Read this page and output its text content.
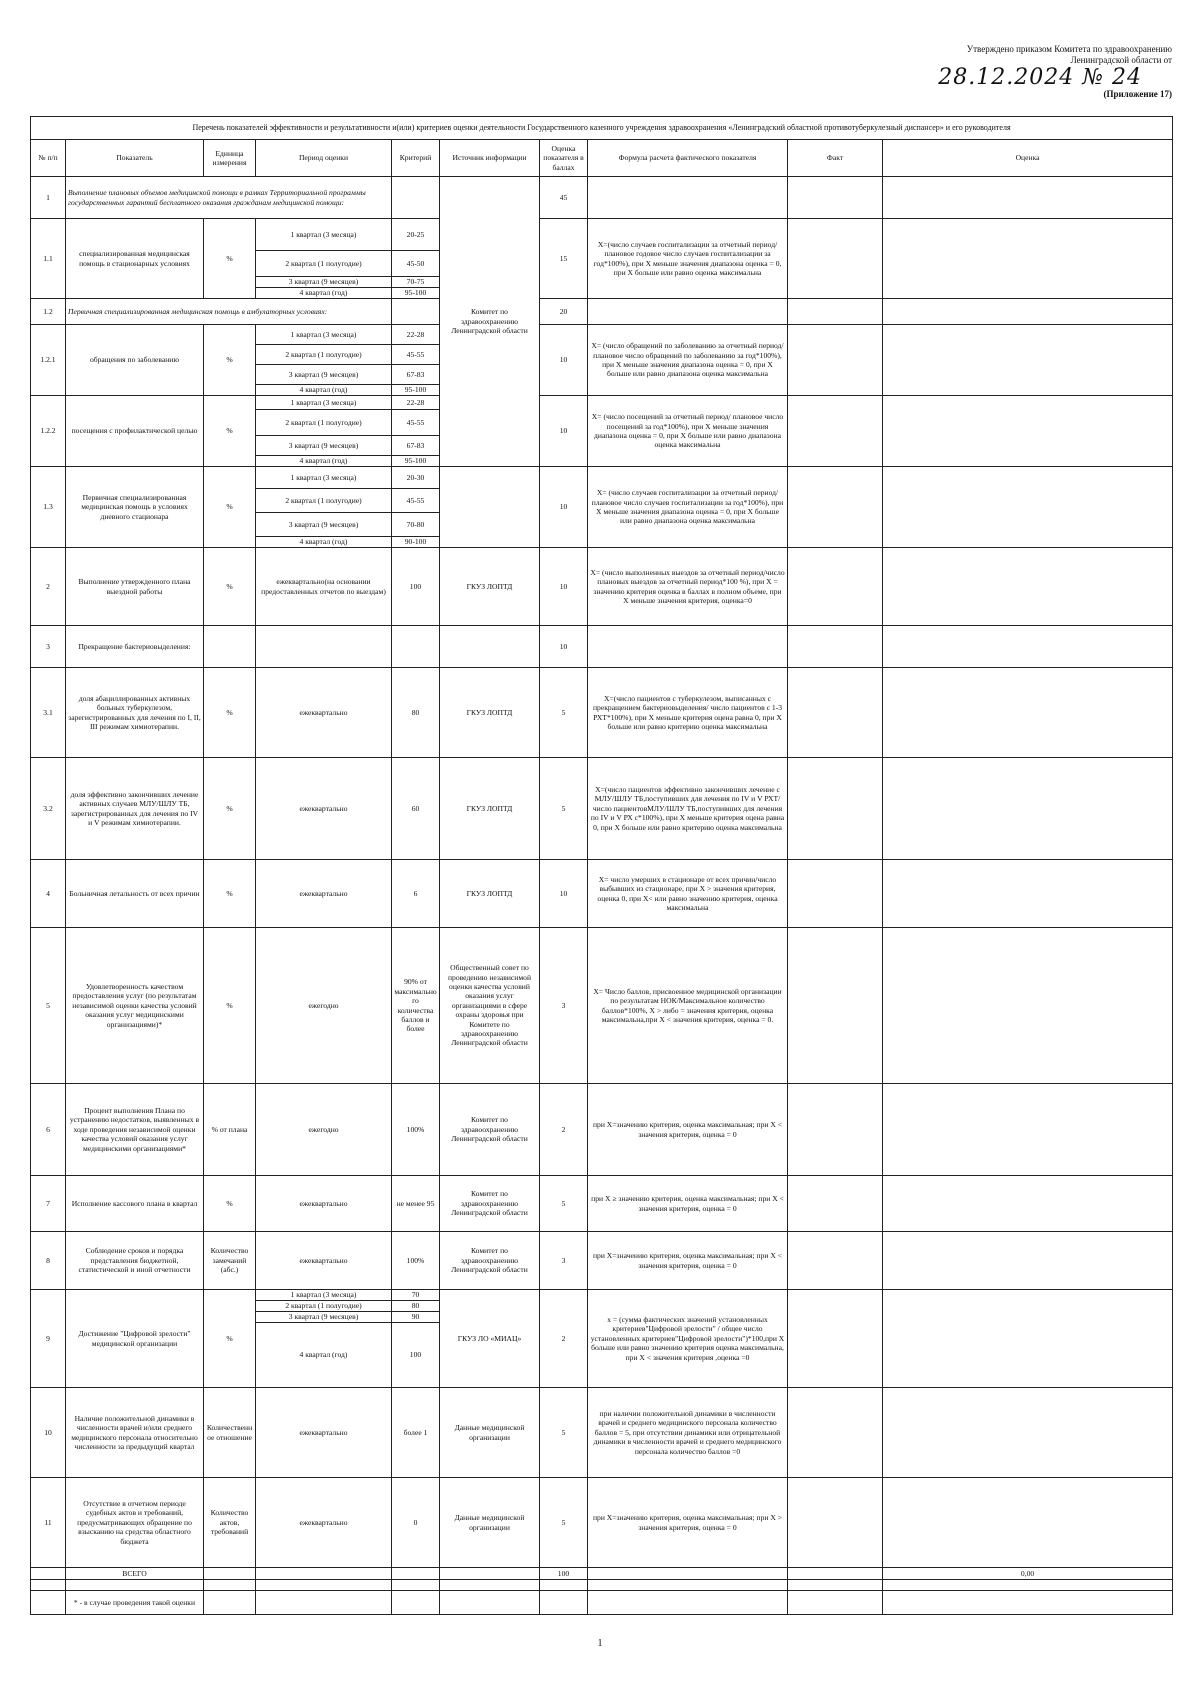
Утверждено приказом Комитета по здравоохранению
Ленинградской области от
28.12.2024 № 24
(Приложение 17)
Перечень показателей эффективности и результативности и(или) критериев оценки деятельности Государственного казенного учреждения здравоохранения «Ленинградский областной противотуберкулезный диспансер» и его руководителя									
№ п/п	Показатель	Единица измерения	Период оценки	Критерий	Источник информации	Оценка показателя в баллах	Формула расчета фактического показателя	Факт	Оценка
1	Выполнение плановых объемов медицинской помощи в рамках Территориальной программы государственных гарантий бесплатного оказания гражданам медицинской помощи:				Комитет по здравоохранению Ленинградской области	45			
1.1	специализированная медицинская помощь в стационарных условиях	%	1 квартал (3 месяца)	20-25		15	X=(число случаев госпитализации за отчетный период/ плановое годовое число случаев госпитализации за год*100%), при X меньше значения диапазона оценка = 0, при X больше или равно оценка максимальна		
			2 квартал (1 полугодие)	45-50					
			3 квартал (9 месяцев)	70-75					
			4 квартал (год)	95-100					
1.2	Первичная специализированная медицинская помощь в амбулаторных условиях:					20			
1.2.1	обращения по заболеванию	%	1 квартал (3 месяца)	22-28		10	X= (число обращений по заболеванию за отчетный период/ плановое число обращений по заболеванию за год*100%), при X меньше значения диапазона оценка = 0, при X больше или равно диапазона оценка максимальна		
			2 квартал (1 полугодие)	45-55					
			3 квартал (9 месяцев)	67-83					
			4 квартал (год)	95-100					
1.2.2	посещения с профилактической целью	%	1 квартал (3 месяца)	22-28		10	X= (число посещений за отчетный период/ плановое число посещений за год*100%), при X меньше значения диапазона оценка = 0, при X больше или равно диапазона оценка максимальна		
			2 квартал (1 полугодие)	45-55					
			3 квартал (9 месяцев)	67-83					
			4 квартал (год)	95-100					
1.3	Первичная специализированная медицинская помощь в условиях дневного стационара	%	1 квартал (3 месяца)	20-30		10	X= (число случаев госпитализации за отчетный период/ плановое число случаев госпитализации за год*100%), при X меньше значения диапазона оценка = 0, при X больше или равно диапазона оценка максимальна		
			2 квартал (1 полугодие)	45-55					
			3 квартал (9 месяцев)	70-80					
			4 квартал (год)	90-100					
2	Выполнение утвержденного плана выездной работы	%	ежеквартально(на основании предоставленных отчетов по выездам)	100	ГКУЗ ЛОПТД	10	X= (число выполненных выездов за отчетный период/число плановых выездов за отчетный период*100 %), при X = значению критерия оценка в баллах в полном объеме, при X меньше значения критерия, оценка=0		
3	Прекращение бактериовыделения:					10			
3.1	доля абациллированных активных больных туберкулезом, зарегистрированных для лечения по I, II, III режимам химиотерапии.	%	ежеквартально	80	ГКУЗ ЛОПТД	5	X=(число пациентов с туберкулезом, выписанных с прекращением бактериовыделения/ число пациентов с 1-3 РХТ*100%), при X меньше критерия оцена равна 0, при X больше или равно критерию оценка максимальна		
3.2	доля эффективно закончивших лечение активных случаев МЛУ/ШЛУ ТБ, зарегистрированных для лечения по IV и V режимам химиотерапии.	%	ежеквартально	60	ГКУЗ ЛОПТД	5	X=(число пациентов эффективно закончивших лечение с МЛУ/ШЛУ ТБ,поступивших для лечения по IV и V РХТ/ число пациентовМЛУ/ШЛУ ТБ,поступивших для лечения по IV и V РХ с*100%), при X меньше критерия оцена равна 0, при X больше или равно критерию оценка максимальна		
4	Больничная летальность от всех причин	%	ежеквартально	6	ГКУЗ ЛОПТД	10	X= число умерших в стационаре от всех причин/число выбывших из стационаре, при X > значения критерия, оценка 0, при X< или равно значению критерия, оценка максимальна		
5	Удовлетворенность качеством предоставления услуг (по результатам независимой оценки качества условий оказания услуг медицинскими организациями)*	%	ежегодно	90% от максимального количества баллов и более	Общественный совет по проведению независимой оценки качества условий оказания услуг организациями в сфере охраны здоровья при Комитете по здравоохранению Ленинградской области	3	X= Число баллов, присвоенное медицинской организации по результатам НОК/Максимальное количество баллов*100%, X > либо = значения критерия, оценка максимальна,при X < значения критерия, оценка = 0.		
6	Процент выполнения Плана по устранению недостатков, выявленных в ходе проведения независимой оценки качества условий оказания услуг медицинскими организациями*	% от плана	ежегодно	100%	Комитет по здравоохранению Ленинградской области	2	при X=значению критерия, оценка максимальная; при X < значения критерия, оценка = 0		
7	Исполнение кассового плана в квартал	%	ежеквартально	не менее 95	Комитет по здравоохранению Ленинградской области	5	при X ≥ значению критерия, оценка максимальная; при X < значения критерия, оценка = 0		
8	Соблюдение сроков и порядка представления бюджетной, статистической и иной отчетности	Количество замечаний (абс.)	ежеквартально	100%	Комитет по здравоохранению Ленинградской области	3	при X=значению критерия, оценка максимальная; при X < значения критерия, оценка = 0		
9	Достижение "Цифровой зрелости" медицинской организации	%	1 квартал (3 месяца)	70	ГКУЗ ЛО «МИАЦ»	2	x = (сумма фактических значений установленных критериев"Цифровой зрелости" / общее число установленных критериев"Цифровой зрелости")*100,при X больше или равно значению критерия оценка максимальна, при X < значения критерия ,оценка =0		
			2 квартал (1 полугодие)	80					
			3 квартал (9 месяцев)	90					
			4 квартал (год)	100					
10	Наличие положительной динамики в численности врачей и/или среднего медицинского персонала относительно численности за предыдущий квартал	Количественное отношение	ежеквартально	более 1	Данные медицинской организации	5	при наличии положительной динамики в численности врачей и среднего медицинского персонала количество баллов = 5, при отсутствии динамики или отрицательной динамики в численности врачей и среднего медицинского персонала количество баллов =0		
11	Отсутствие в отчетном периоде судебных актов и требований, предусматривающих обращение по взысканию на средства областного бюджета	Количество актов, требований	ежеквартально	0	Данные медицинской организации	5	при X=значению критерия, оценка максимальная; при X > значения критерия, оценка = 0		
	ВСЕГО					100			0,00

	* - в случае проведения такой оценки								
1
